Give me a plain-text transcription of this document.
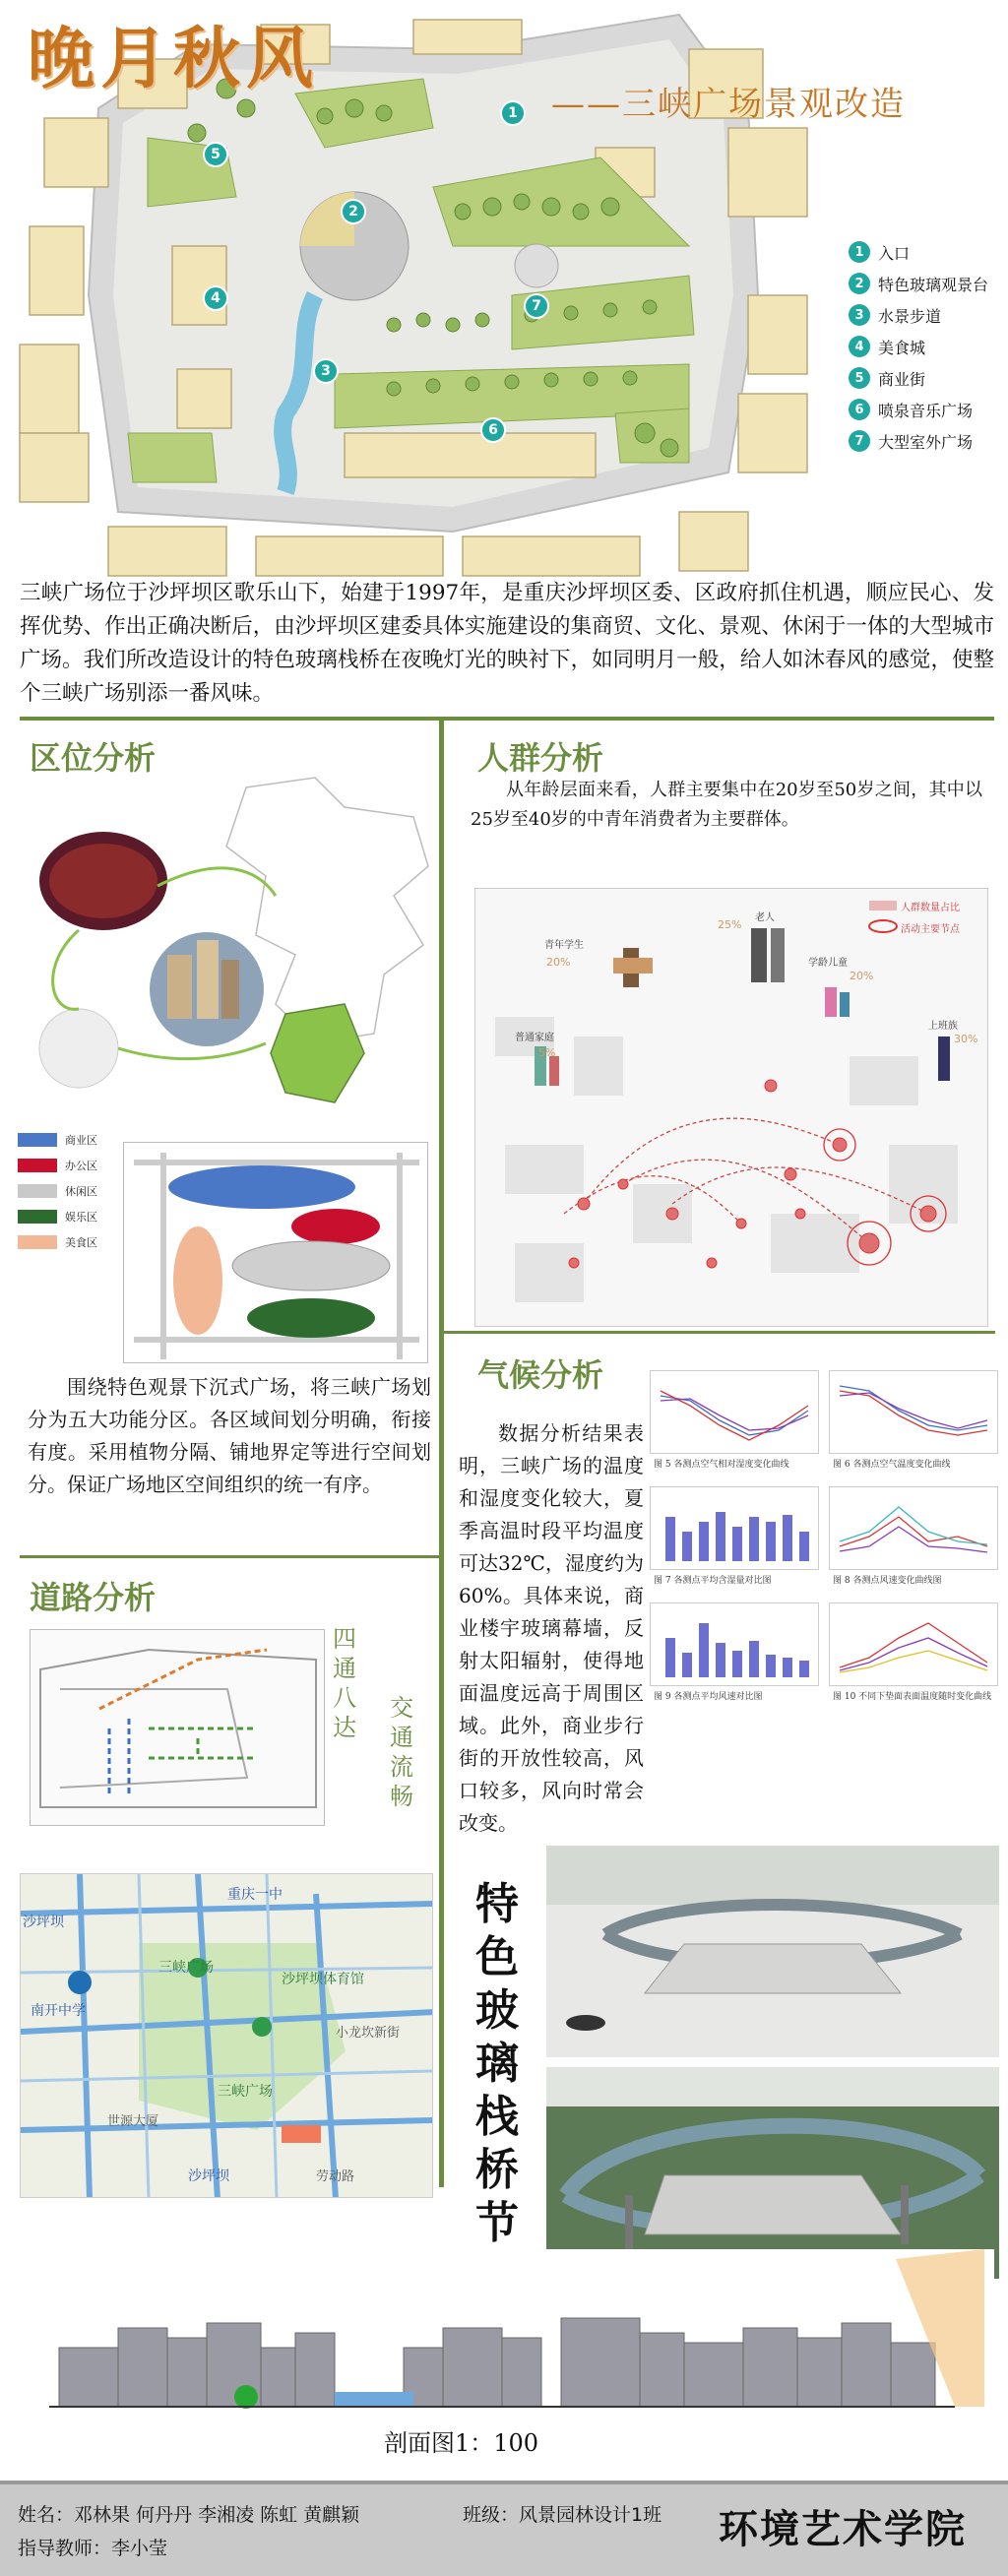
晚月秋风
——三峡广场景观改造
1
2
3
4
5
6
7
1 入口
2 特色玻璃观景台
3 水景步道
4 美食城
5 商业街
6 喷泉音乐广场
7 大型室外广场
三峡广场位于沙坪坝区歌乐山下，始建于1997年，是重庆沙坪坝区委、区政府抓住机遇，顺应民心、发挥优势、作出正确决断后，由沙坪坝区建委具体实施建设的集商贸、文化、景观、休闲于一体的大型城市广场。我们所改造设计的特色玻璃栈桥在夜晚灯光的映衬下，如同明月一般，给人如沐春风的感觉，使整个三峡广场别添一番风味。
区位分析
商业区
办公区
休闲区
娱乐区
美食区
围绕特色观景下沉式广场，将三峡广场划分为五大功能分区。各区域间划分明确，衔接有度。采用植物分隔、铺地界定等进行空间划分。保证广场地区空间组织的统一有序。
人群分析
从年龄层面来看，人群主要集中在20岁至50岁之间，其中以25岁至40岁的中青年消费者为主要群体。
人群数量占比
活动主要节点
青年学生
20%
老人
25%
学龄儿童
20%
上班族
30%
普通家庭
5%
道路分析
四通八达
交通流畅
气候分析
数据分析结果表明，三峡广场的温度和湿度变化较大，夏季高温时段平均温度可达32℃，湿度约为60%。具体来说，商业楼宇玻璃幕墙，反射太阳辐射，使得地面温度远高于周围区域。此外，商业步行街的开放性较高，风口较多，风向时常会改变。
图 5 各测点空气相对湿度变化曲线	图 6 各测点空气温度变化曲线
图 7 各测点平均含湿量对比图	图 8 各测点风速变化曲线图
图 9 各测点平均风速对比图	图 10 不同下垫面表面温度随时变化曲线
重庆一中
沙坪坝
南开中学
三峡广场
沙坪坝体育馆
小龙坎新街
世源大厦
沙坪坝
三峡广场
劳动路
特色玻璃栈桥节
剖面图1：100
姓名：邓林果 何丹丹 李湘凌 陈虹 黄麒颖
指导教师：李小莹
班级：风景园林设计1班 环境艺术学院
